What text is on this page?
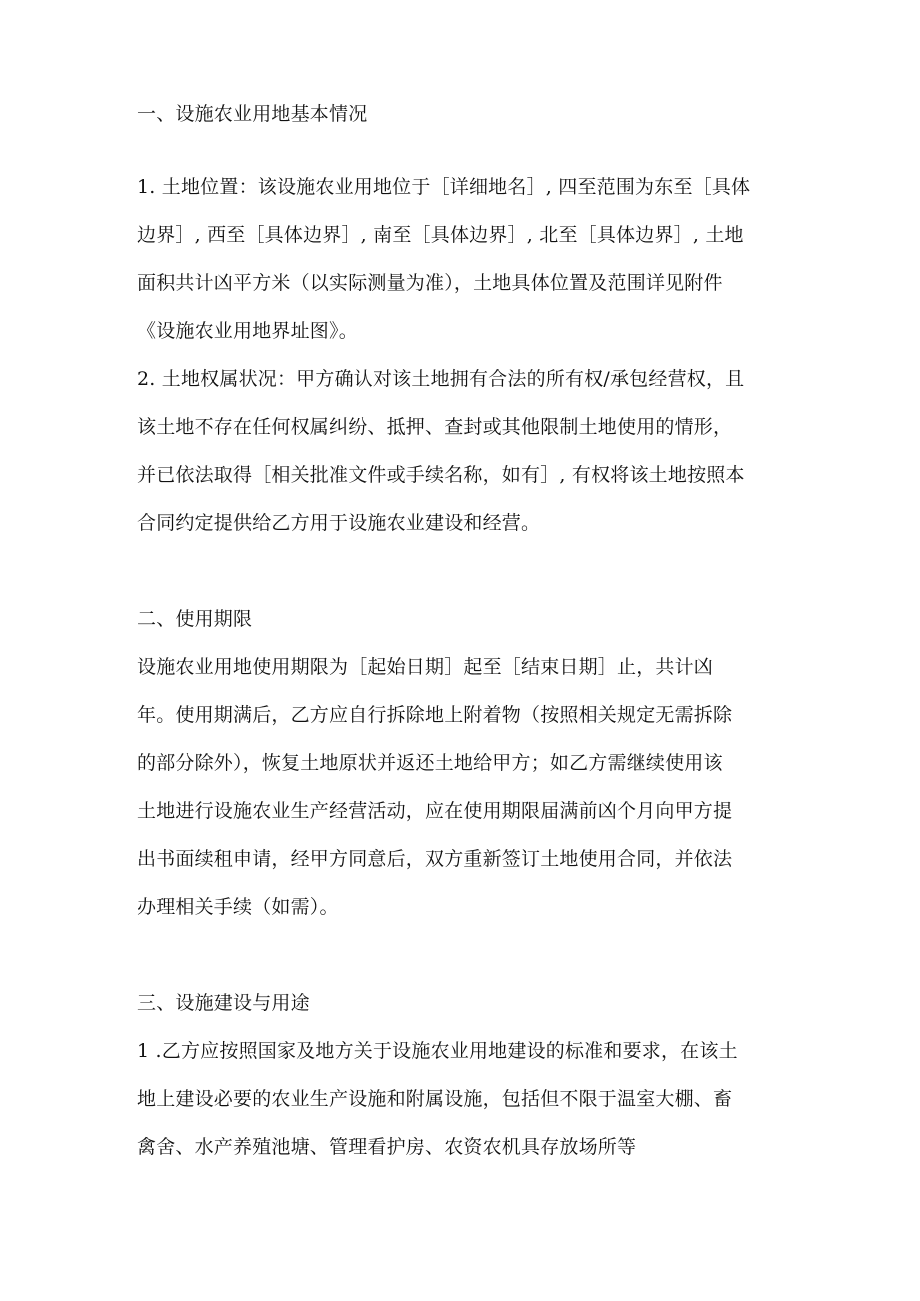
一、设施农业用地基本情况
1. 土地位置：该设施农业用地位于［详细地名］, 四至范围为东至［具体
边界］, 西至［具体边界］, 南至［具体边界］, 北至［具体边界］, 土地
面积共计凶平方米（以实际测量为准），土地具体位置及范围详见附件
《设施农业用地界址图》。
2. 土地权属状况：甲方确认对该土地拥有合法的所有权/承包经营权，且
该土地不存在任何权属纠纷、抵押、查封或其他限制土地使用的情形，
并已依法取得［相关批准文件或手续名称，如有］, 有权将该土地按照本
合同约定提供给乙方用于设施农业建设和经营。
二、使用期限
设施农业用地使用期限为［起始日期］起至［结束日期］止，共计凶
年。使用期满后，乙方应自行拆除地上附着物（按照相关规定无需拆除
的部分除外），恢复土地原状并返还土地给甲方；如乙方需继续使用该
土地进行设施农业生产经营活动，应在使用期限届满前凶个月向甲方提
出书面续租申请，经甲方同意后，双方重新签订土地使用合同，并依法
办理相关手续（如需）。
三、设施建设与用途
1 .乙方应按照国家及地方关于设施农业用地建设的标准和要求，在该土
地上建设必要的农业生产设施和附属设施，包括但不限于温室大棚、畜
禽舍、水产养殖池塘、管理看护房、农资农机具存放场所等
